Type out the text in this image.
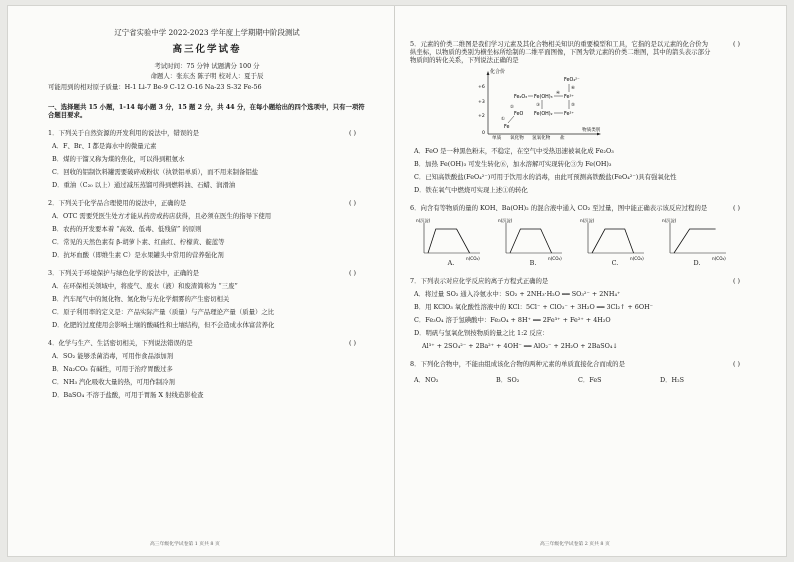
辽宁省实验中学 2022-2023 学年度上学期期中阶段测试
高三化学试卷
考试时间：75 分钟 试题满分 100 分
命题人：张东杰 陈子明 校对人：夏于辰
可能用到的相对原子质量：H-1 Li-7 Be-9 C-12 O-16 Na-23 S-32 Fe-56
一、选择题共 15 小题，1-14 每小题 3 分，15 题 2 分，共 44 分，在每小题给出的四个选项中，只有一项符合题目要求。
1．下列关于自然资源的开发利用的说法中，错误的是	( )
A．F、Br、I 都是海水中的微量元素
B．煤的干馏又称为煤的焦化，可以得到粗氨水
C．回收的铝制饮料罐需要破碎成粉状（执铁铝单质），而不用来制备铝盐
D．重油（C₂₀ 以上）通过减压蒸馏可得到燃料油、石蜡、润滑油
2．下列关于化学品合理使用的说法中，正确的是	( )
A．OTC 需要凭医生处方才能从药房或药店获得，且必须在医生的指导下使用
B．农药的开发要本着 “高效、低毒、低残留” 的原则
C．常见的天然色素有 β-胡萝卜素、红曲红、柠檬黄、靛蓝等
D．抗坏血酸（即维生素 C）是水果罐头中常用的营养强化剂
3．下列关于环境保护与绿色化学的说法中，正确的是	( )
A．在环保相关领域中，将废气、废水（液）和废渣简称为 “三废”
B．汽车尾气中的氮化物、氮化物与光化学烟雾的产生密切相关
C．原子利用率的定义是：产品实际产量（质量）与产品理论产量（质量）之比
D．化肥的过度使用会影响土壤的酸碱性和土壤结构，但不会造成水体富营养化
4．化学与生产、生活密切相关，下列说法错误的是	( )
A．SO₂ 能够杀菌消毒，可用作食品添加剂
B．Na₂CO₃ 有碱性，可用于治疗胃酸过多
C．NH₃ 汽化吸收大量的热，可用作制冷剂
D．BaSO₄ 不溶于盐酸，可用于胃肠 X 射线造影检查
高三年级化学试卷第 1 页共 8 页
5．元素的价类二维图是我们学习元素及其化合物相关知识的重要模型和工具，它指的是以元素的化合价为纵坐标，以物质的类别为横坐标所绘制的二维平面图像，下图为铁元素的价类二维图，其中的箭头表示部分物质间的转化关系，下列说法正确的是
( )
化合价
物质类别
+6
+3
+2
0
单质 氧化物 氢氧化物 盐
FeO₄²⁻
Fe₂O₃ Fe(OH)₃ Fe³⁺
FeO Fe(OH)₂ Fe²⁺
Fe
①
②	③
④
⑤
⑥
A．FeO 是一种黑色粉末，不稳定，在空气中受热迅速被氧化成 Fe₂O₃
B．加热 Fe(OH)₃ 可发生转化⑥，加水溶解可实现转化③为 Fe(OH)₃
C．已知高铁酸盐(FeO₄²⁻)可用于饮用水的消毒，由此可预测高铁酸盐(FeO₄²⁻)具有强氧化性
D．铁在氧气中燃烧可实现上述①的转化
6．向含有等物质的量的 KOH、Ba(OH)₂ 的混合液中通入 CO₂ 至过量，图中能正确表示该反应过程的是	( )
n(沉淀)
n(CO₂)
A.
n(沉淀)
n(CO₂)
B.
n(沉淀)
n(CO₂)
C.
n(沉淀)
n(CO₂)
D.
7．下列表示对应化学反应的离子方程式正确的是	( )
A．将过量 SO₂ 通入冷氨水中：SO₂ + 2NH₃·H₂O ══ SO₃²⁻ + 2NH₄⁺
B．用 KClO₃ 氧化酸性溶液中的 KCl：5Cl⁻ + ClO₃⁻ + 3H₂O ══ 3Cl₂↑ + 6OH⁻
C．Fe₃O₄ 溶于氢碘酸中：Fe₃O₄ + 8H⁺ ══ 2Fe³⁺ + Fe²⁺ + 4H₂O
D．明矾与氢氧化钡按物质的量之比 1:2 反应：
Al³⁺ + 2SO₄²⁻ + 2Ba²⁺ + 4OH⁻ ══ AlO₂⁻ + 2H₂O + 2BaSO₄↓
8．下列化合物中，不能由组成该化合物的两种元素的单质直接化合而成的是	( )
A．NO₂	B．SO₂	C．FeS	D．H₂S
高三年级化学试卷第 2 页共 8 页
